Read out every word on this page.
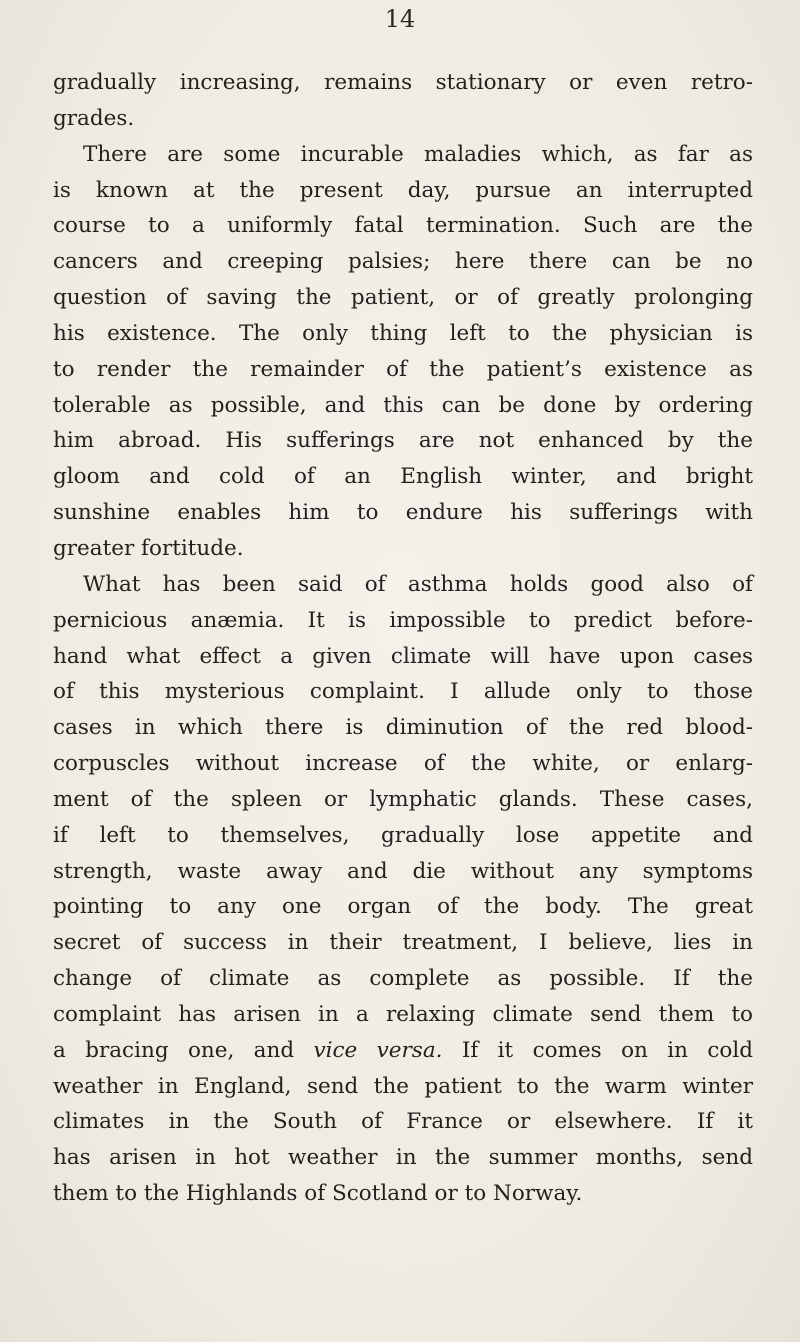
14
gradually increasing, remains stationary or even retro-
grades.
There are some incurable maladies which, as far as
is known at the present day, pursue an interrupted
course to a uniformly fatal termination. Such are the
cancers and creeping palsies; here there can be no
question of saving the patient, or of greatly prolonging
his existence. The only thing left to the physician is
to render the remainder of the patient’s existence as
tolerable as possible, and this can be done by ordering
him abroad. His sufferings are not enhanced by the
gloom and cold of an English winter, and bright
sunshine enables him to endure his sufferings with
greater fortitude.
What has been said of asthma holds good also of
pernicious anæmia. It is impossible to predict before-
hand what effect a given climate will have upon cases
of this mysterious complaint. I allude only to those
cases in which there is diminution of the red blood-
corpuscles without increase of the white, or enlarg-
ment of the spleen or lymphatic glands. These cases,
if left to themselves, gradually lose appetite and
strength, waste away and die without any symptoms
pointing to any one organ of the body. The great
secret of success in their treatment, I believe, lies in
change of climate as complete as possible. If the
complaint has arisen in a relaxing climate send them to
a bracing one, and vice versa. If it comes on in cold
weather in England, send the patient to the warm winter
climates in the South of France or elsewhere. If it
has arisen in hot weather in the summer months, send
them to the Highlands of Scotland or to Norway.
